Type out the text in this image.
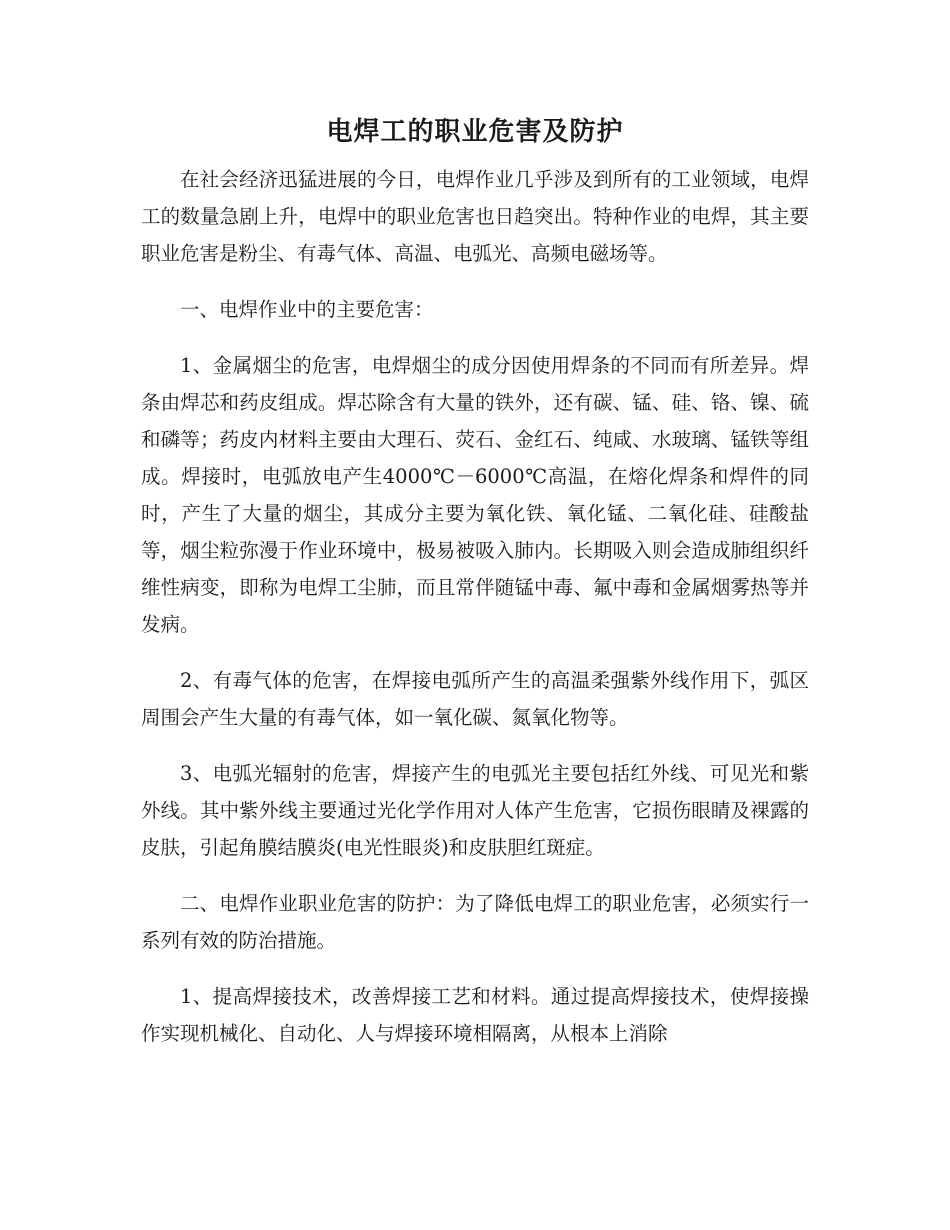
电焊工的职业危害及防护

在社会经济迅猛进展的今日，电焊作业几乎涉及到所有的工业领域，电焊工的数量急剧上升，电焊中的职业危害也日趋突出。特种作业的电焊，其主要职业危害是粉尘、有毒气体、高温、电弧光、高频电磁场等。

一、电焊作业中的主要危害：

1、金属烟尘的危害，电焊烟尘的成分因使用焊条的不同而有所差异。焊条由焊芯和药皮组成。焊芯除含有大量的铁外，还有碳、锰、硅、铬、镍、硫和磷等；药皮内材料主要由大理石、荧石、金红石、纯咸、水玻璃、锰铁等组成。焊接时，电弧放电产生4000℃－6000℃高温，在熔化焊条和焊件的同时，产生了大量的烟尘，其成分主要为氧化铁、氧化锰、二氧化硅、硅酸盐等，烟尘粒弥漫于作业环境中，极易被吸入肺内。长期吸入则会造成肺组织纤维性病变，即称为电焊工尘肺，而且常伴随锰中毒、氟中毒和金属烟雾热等并发病。

2、有毒气体的危害，在焊接电弧所产生的高温柔强紫外线作用下，弧区周围会产生大量的有毒气体，如一氧化碳、氮氧化物等。

3、电弧光辐射的危害，焊接产生的电弧光主要包括红外线、可见光和紫外线。其中紫外线主要通过光化学作用对人体产生危害，它损伤眼睛及裸露的皮肤，引起角膜结膜炎(电光性眼炎)和皮肤胆红斑症。

二、电焊作业职业危害的防护：为了降低电焊工的职业危害，必须实行一系列有效的防治措施。

1、提高焊接技术，改善焊接工艺和材料。通过提高焊接技术，使焊接操作实现机械化、自动化、人与焊接环境相隔离，从根本上消除
